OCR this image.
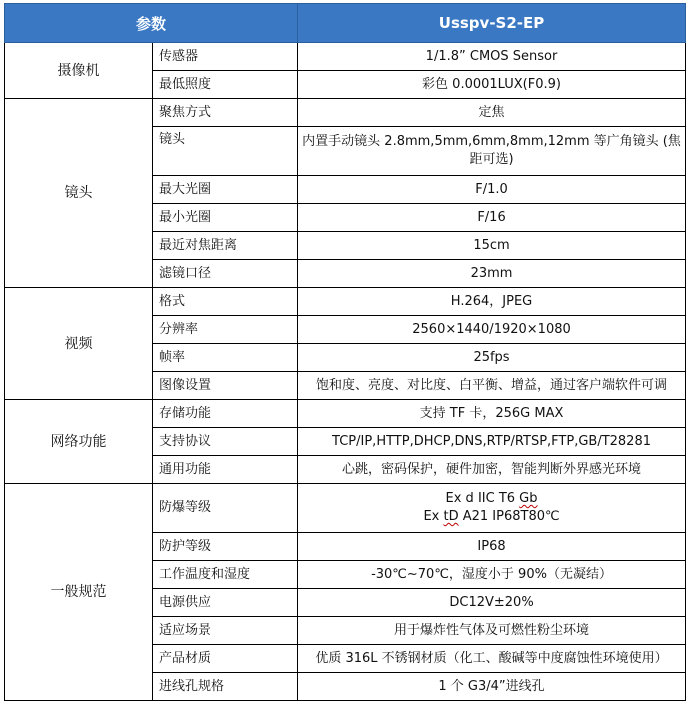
参数		Usspv-S2-EP
摄像机	传感器	1/1.8” CMOS Sensor
	最低照度	彩色 0.0001LUX(F0.9)
镜头	聚焦方式	定焦
	镜头	内置手动镜头 2.8mm,5mm,6mm,8mm,12mm 等广角镜头 (焦距可选)
	最大光圈	F/1.0
	最小光圈	F/16
	最近对焦距离	15cm
	滤镜口径	23mm
视频	格式	H.264，JPEG
	分辨率	2560×1440/1920×1080
	帧率	25fps
	图像设置	饱和度、亮度、对比度、白平衡、增益，通过客户端软件可调
网络功能	存储功能	支持 TF 卡，256G MAX
	支持协议	TCP/IP,HTTP,DHCP,DNS,RTP/RTSP,FTP,GB/T28281
	通用功能	心跳，密码保护，硬件加密，智能判断外界感光环境
一般规范	防爆等级	Ex d IIC T6 Gb
Ex tD A21 IP68T80℃

	防护等级	IP68
	工作温度和湿度	-30℃~70℃，湿度小于 90%（无凝结）
	电源供应	DC12V±20%
	适应场景	用于爆炸性气体及可燃性粉尘环境
	产品材质	优质 316L 不锈钢材质（化工、酸碱等中度腐蚀性环境使用）
	进线孔规格	1 个 G3/4”进线孔
